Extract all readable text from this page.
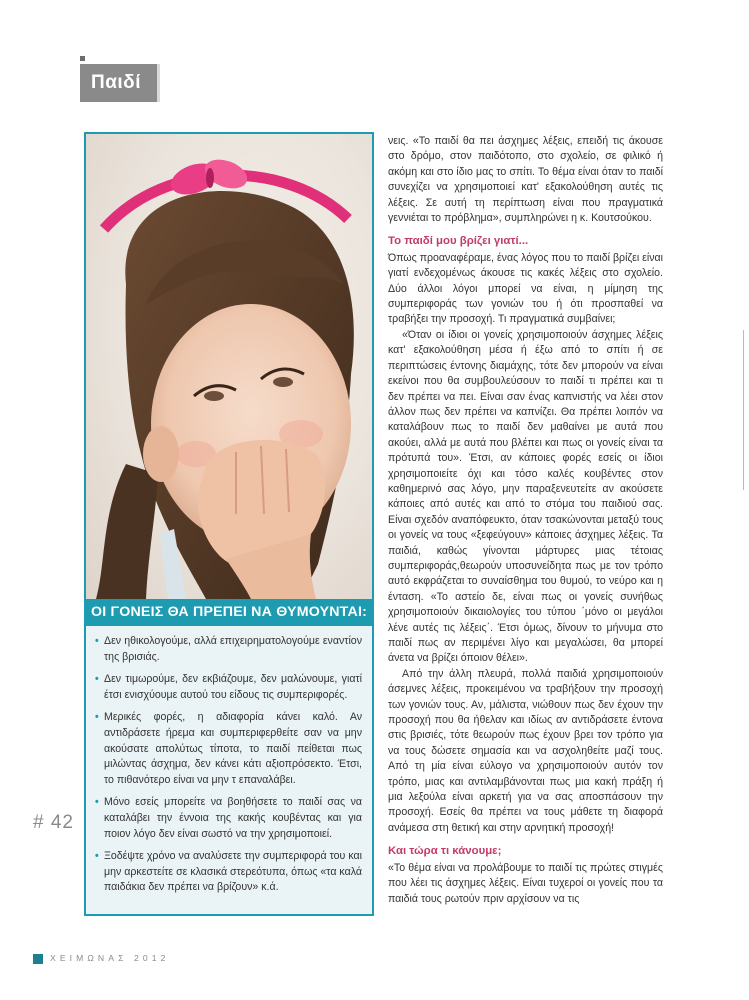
Παιδί
ΟΙ ΓΟΝΕΙΣ ΘΑ ΠΡΕΠΕΙ ΝΑ ΘΥΜΟΥΝΤΑΙ:
• Δεν ηθικολογούμε, αλλά επιχειρηματολογούμε εναντίον της βρισιάς.
• Δεν τιμωρούμε, δεν εκβιάζουμε, δεν μαλώνουμε, γιατί έτσι ενισχύουμε αυτού του είδους τις συμπεριφορές.
• Μερικές φορές, η αδιαφορία κάνει καλό. Αν αντιδράσετε ήρεμα και συμπεριφερθείτε σαν να μην ακούσατε απολύτως τίποτα, το παιδί πείθεται πως μιλώντας άσχημα, δεν κάνει κάτι αξιοπρόσεκτο. Έτσι, το πιθανότερο είναι να μην τ επαναλάβει.
• Μόνο εσείς μπορείτε να βοηθήσετε το παιδί σας να καταλάβει την έννοια της κακής κουβέντας και για ποιον λόγο δεν είναι σωστό να την χρησιμοποιεί.
• Ξοδέψτε χρόνο να αναλύσετε την συμπεριφορά του και μην αρκεστείτε σε κλασικά στερεότυπα, όπως «τα καλά παιδάκια δεν πρέπει να βρίζουν» κ.ά.

νεις. «Το παιδί θα πει άσχημες λέξεις, επειδή τις άκουσε στο δρόμο, στον παιδότοπο, στο σχολείο, σε φιλικό ή ακόμη και στο ίδιο μας το σπίτι. Το θέμα είναι όταν το παιδί συνεχίζει να χρησιμοποιεί κατ' εξακολούθηση αυτές τις λέξεις. Σε αυτή τη περίπτωση είναι που πραγματικά γεννιέται το πρόβλημα», συμπληρώνει η κ. Κουτσούκου.

Το παιδί μου βρίζει γιατί...

Όπως προαναφέραμε, ένας λόγος που το παιδί βρίζει είναι γιατί ενδεχομένως άκουσε τις κακές λέξεις στο σχολείο. Δύο άλλοι λόγοι μπορεί να είναι, η μίμηση της συμπεριφοράς των γονιών του ή ότι προσπαθεί να τραβήξει την προσοχή. Τι πραγματικά συμβαίνει;

«Όταν οι ίδιοι οι γονείς χρησιμοποιούν άσχημες λέξεις κατ' εξακολούθηση μέσα ή έξω από το σπίτι ή σε περιπτώσεις έντονης διαμάχης, τότε δεν μπορούν να είναι εκείνοι που θα συμβουλεύσουν το παιδί τι πρέπει και τι δεν πρέπει να πει. Είναι σαν ένας καπνιστής να λέει στον άλλον πως δεν πρέπει να καπνίζει. Θα πρέπει λοιπόν να καταλάβουν πως το παιδί δεν μαθαίνει με αυτά που ακούει, αλλά με αυτά που βλέπει και πως οι γονείς είναι τα πρότυπά του». Έτσι, αν κάποιες φορές εσείς οι ίδιοι χρησιμοποιείτε όχι και τόσο καλές κουβέντες στον καθημερινό σας λόγο, μην παραξενευτείτε αν ακούσετε κάποιες από αυτές και από το στόμα του παιδιού σας. Είναι σχεδόν αναπόφευκτο, όταν τσακώνονται μεταξύ τους οι γονείς να τους «ξεφεύγουν» κάποιες άσχημες λέξεις. Τα παιδιά, καθώς γίνονται μάρτυρες μιας τέτοιας συμπεριφοράς,θεωρούν υποσυνείδητα πως με τον τρόπο αυτό εκφράζεται το συναίσθημα του θυμού, το νεύρο και η ένταση. «Το αστείο δε, είναι πως οι γονείς συνήθως χρησιμοποιούν δικαιολογίες του τύπου ΄μόνο οι μεγάλοι λένε αυτές τις λέξεις΄. Έτσι όμως, δίνουν το μήνυμα στο παιδί πως αν περιμένει λίγο και μεγαλώσει, θα μπορεί άνετα να βρίζει όποιον θέλει».

Από την άλλη πλευρά, πολλά παιδιά χρησιμοποιούν άσεμνες λέξεις, προκειμένου να τραβήξουν την προσοχή των γονιών τους. Αν, μάλιστα, νιώθουν πως δεν έχουν την προσοχή που θα ήθελαν και ιδίως αν αντιδράσετε έντονα στις βρισιές, τότε θεωρούν πως έχουν βρει τον τρόπο για να τους δώσετε σημασία και να ασχοληθείτε μαζί τους. Από τη μία είναι εύλογο να χρησιμοποιούν αυτόν τον τρόπο, μιας και αντιλαμβάνονται πως μια κακή πράξη ή μια λεξούλα είναι αρκετή για να σας αποσπάσουν την προσοχή. Εσείς θα πρέπει να τους μάθετε τη διαφορά ανάμεσα στη θετική και στην αρνητική προσοχή!

Και τώρα τι κάνουμε;

«Το θέμα είναι να προλάβουμε το παιδί τις πρώτες στιγμές που λέει τις άσχημες λέξεις. Είναι τυχεροί οι γονείς που τα παιδιά τους ρωτούν πριν αρχίσουν να τις

# 42
ΧΕΙΜΩΝΑΣ 2012
